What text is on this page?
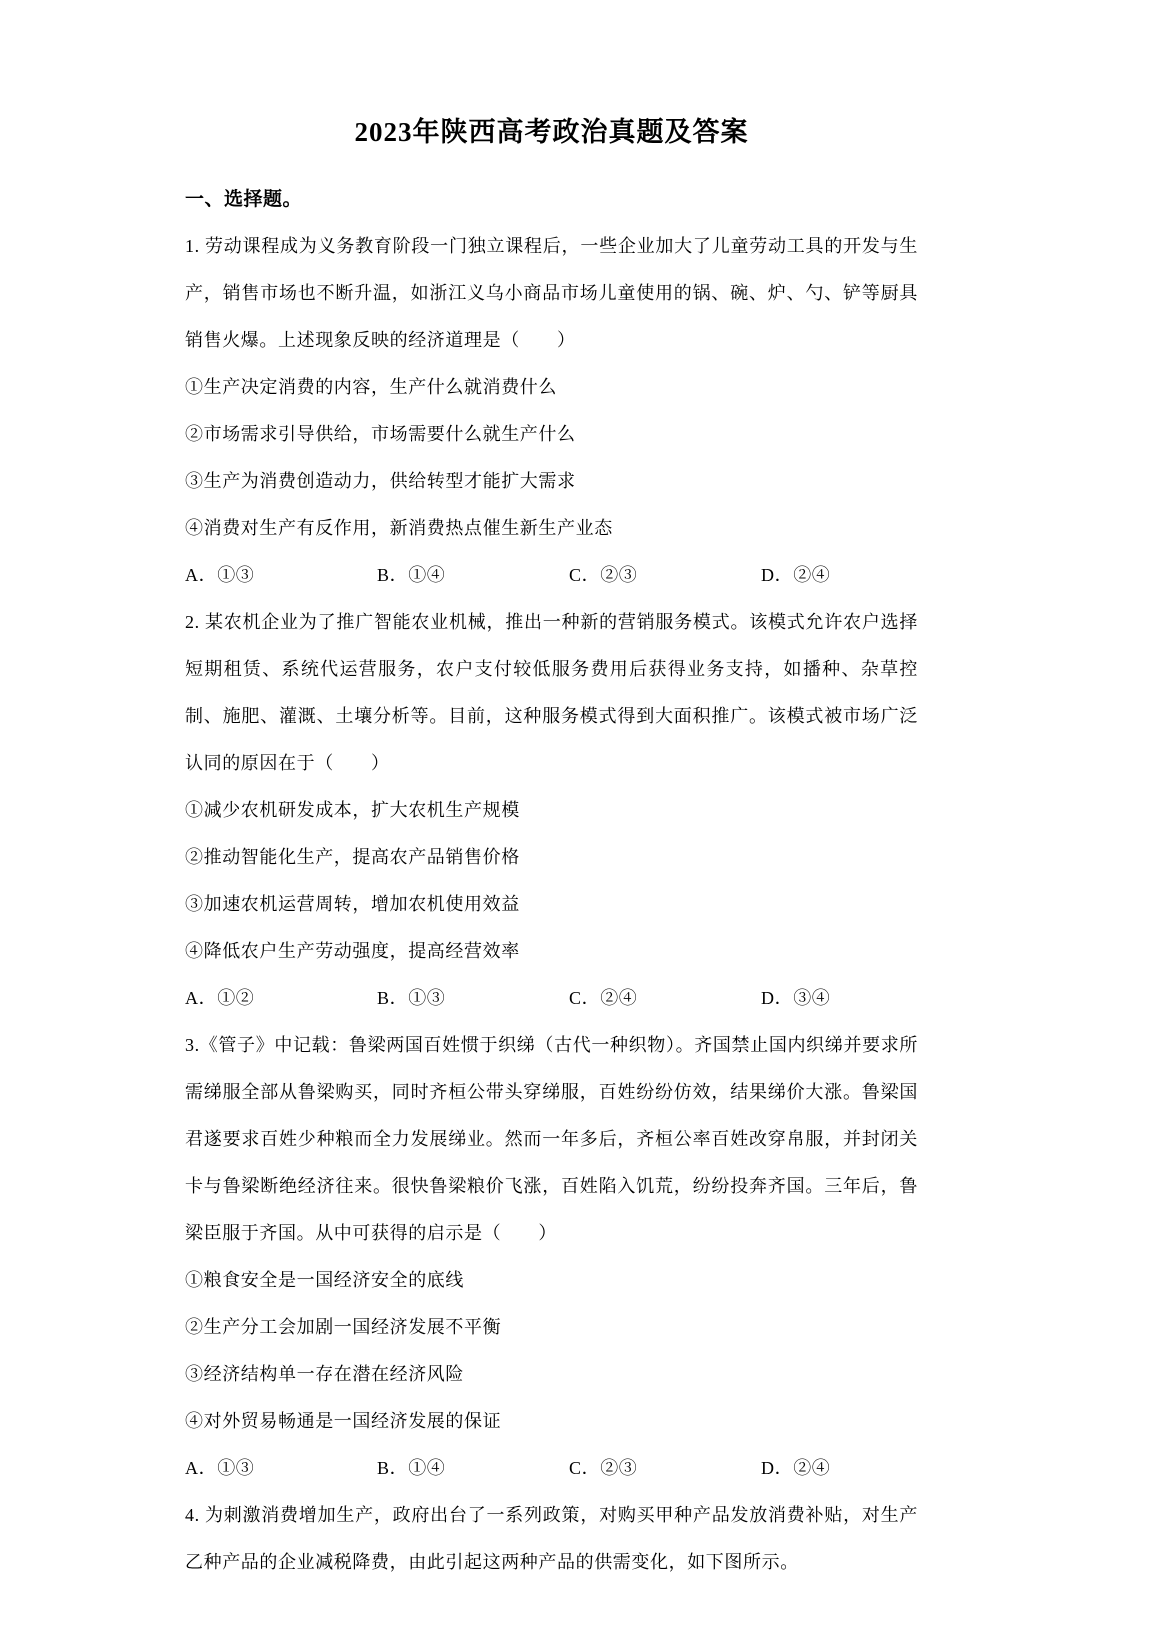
2023年陕西高考政治真题及答案

一、选择题。

1. 劳动课程成为义务教育阶段一门独立课程后，一些企业加大了儿童劳动工具的开发与生产，销售市场也不断升温，如浙江义乌小商品市场儿童使用的锅、碗、炉、勺、铲等厨具销售火爆。上述现象反映的经济道理是（　　）

①生产决定消费的内容，生产什么就消费什么

②市场需求引导供给，市场需要什么就生产什么

③生产为消费创造动力，供给转型才能扩大需求

④消费对生产有反作用，新消费热点催生新生产业态

A．①③	B．①④	C．②③	D．②④

2. 某农机企业为了推广智能农业机械，推出一种新的营销服务模式。该模式允许农户选择短期租赁、系统代运营服务，农户支付较低服务费用后获得业务支持，如播种、杂草控制、施肥、灌溉、土壤分析等。目前，这种服务模式得到大面积推广。该模式被市场广泛认同的原因在于（　　）

①减少农机研发成本，扩大农机生产规模

②推动智能化生产，提高农产品销售价格

③加速农机运营周转，增加农机使用效益

④降低农户生产劳动强度，提高经营效率

A．①②	B．①③	C．②④	D．③④

3.《管子》中记载：鲁梁两国百姓惯于织绨（古代一种织物）。齐国禁止国内织绨并要求所需绨服全部从鲁梁购买，同时齐桓公带头穿绨服，百姓纷纷仿效，结果绨价大涨。鲁梁国君遂要求百姓少种粮而全力发展绨业。然而一年多后，齐桓公率百姓改穿帛服，并封闭关卡与鲁梁断绝经济往来。很快鲁梁粮价飞涨，百姓陷入饥荒，纷纷投奔齐国。三年后，鲁梁臣服于齐国。从中可获得的启示是（　　）

①粮食安全是一国经济安全的底线

②生产分工会加剧一国经济发展不平衡

③经济结构单一存在潜在经济风险

④对外贸易畅通是一国经济发展的保证

A．①③	B．①④	C．②③	D．②④

4. 为刺激消费增加生产，政府出台了一系列政策，对购买甲种产品发放消费补贴，对生产乙种产品的企业减税降费，由此引起这两种产品的供需变化，如下图所示。
